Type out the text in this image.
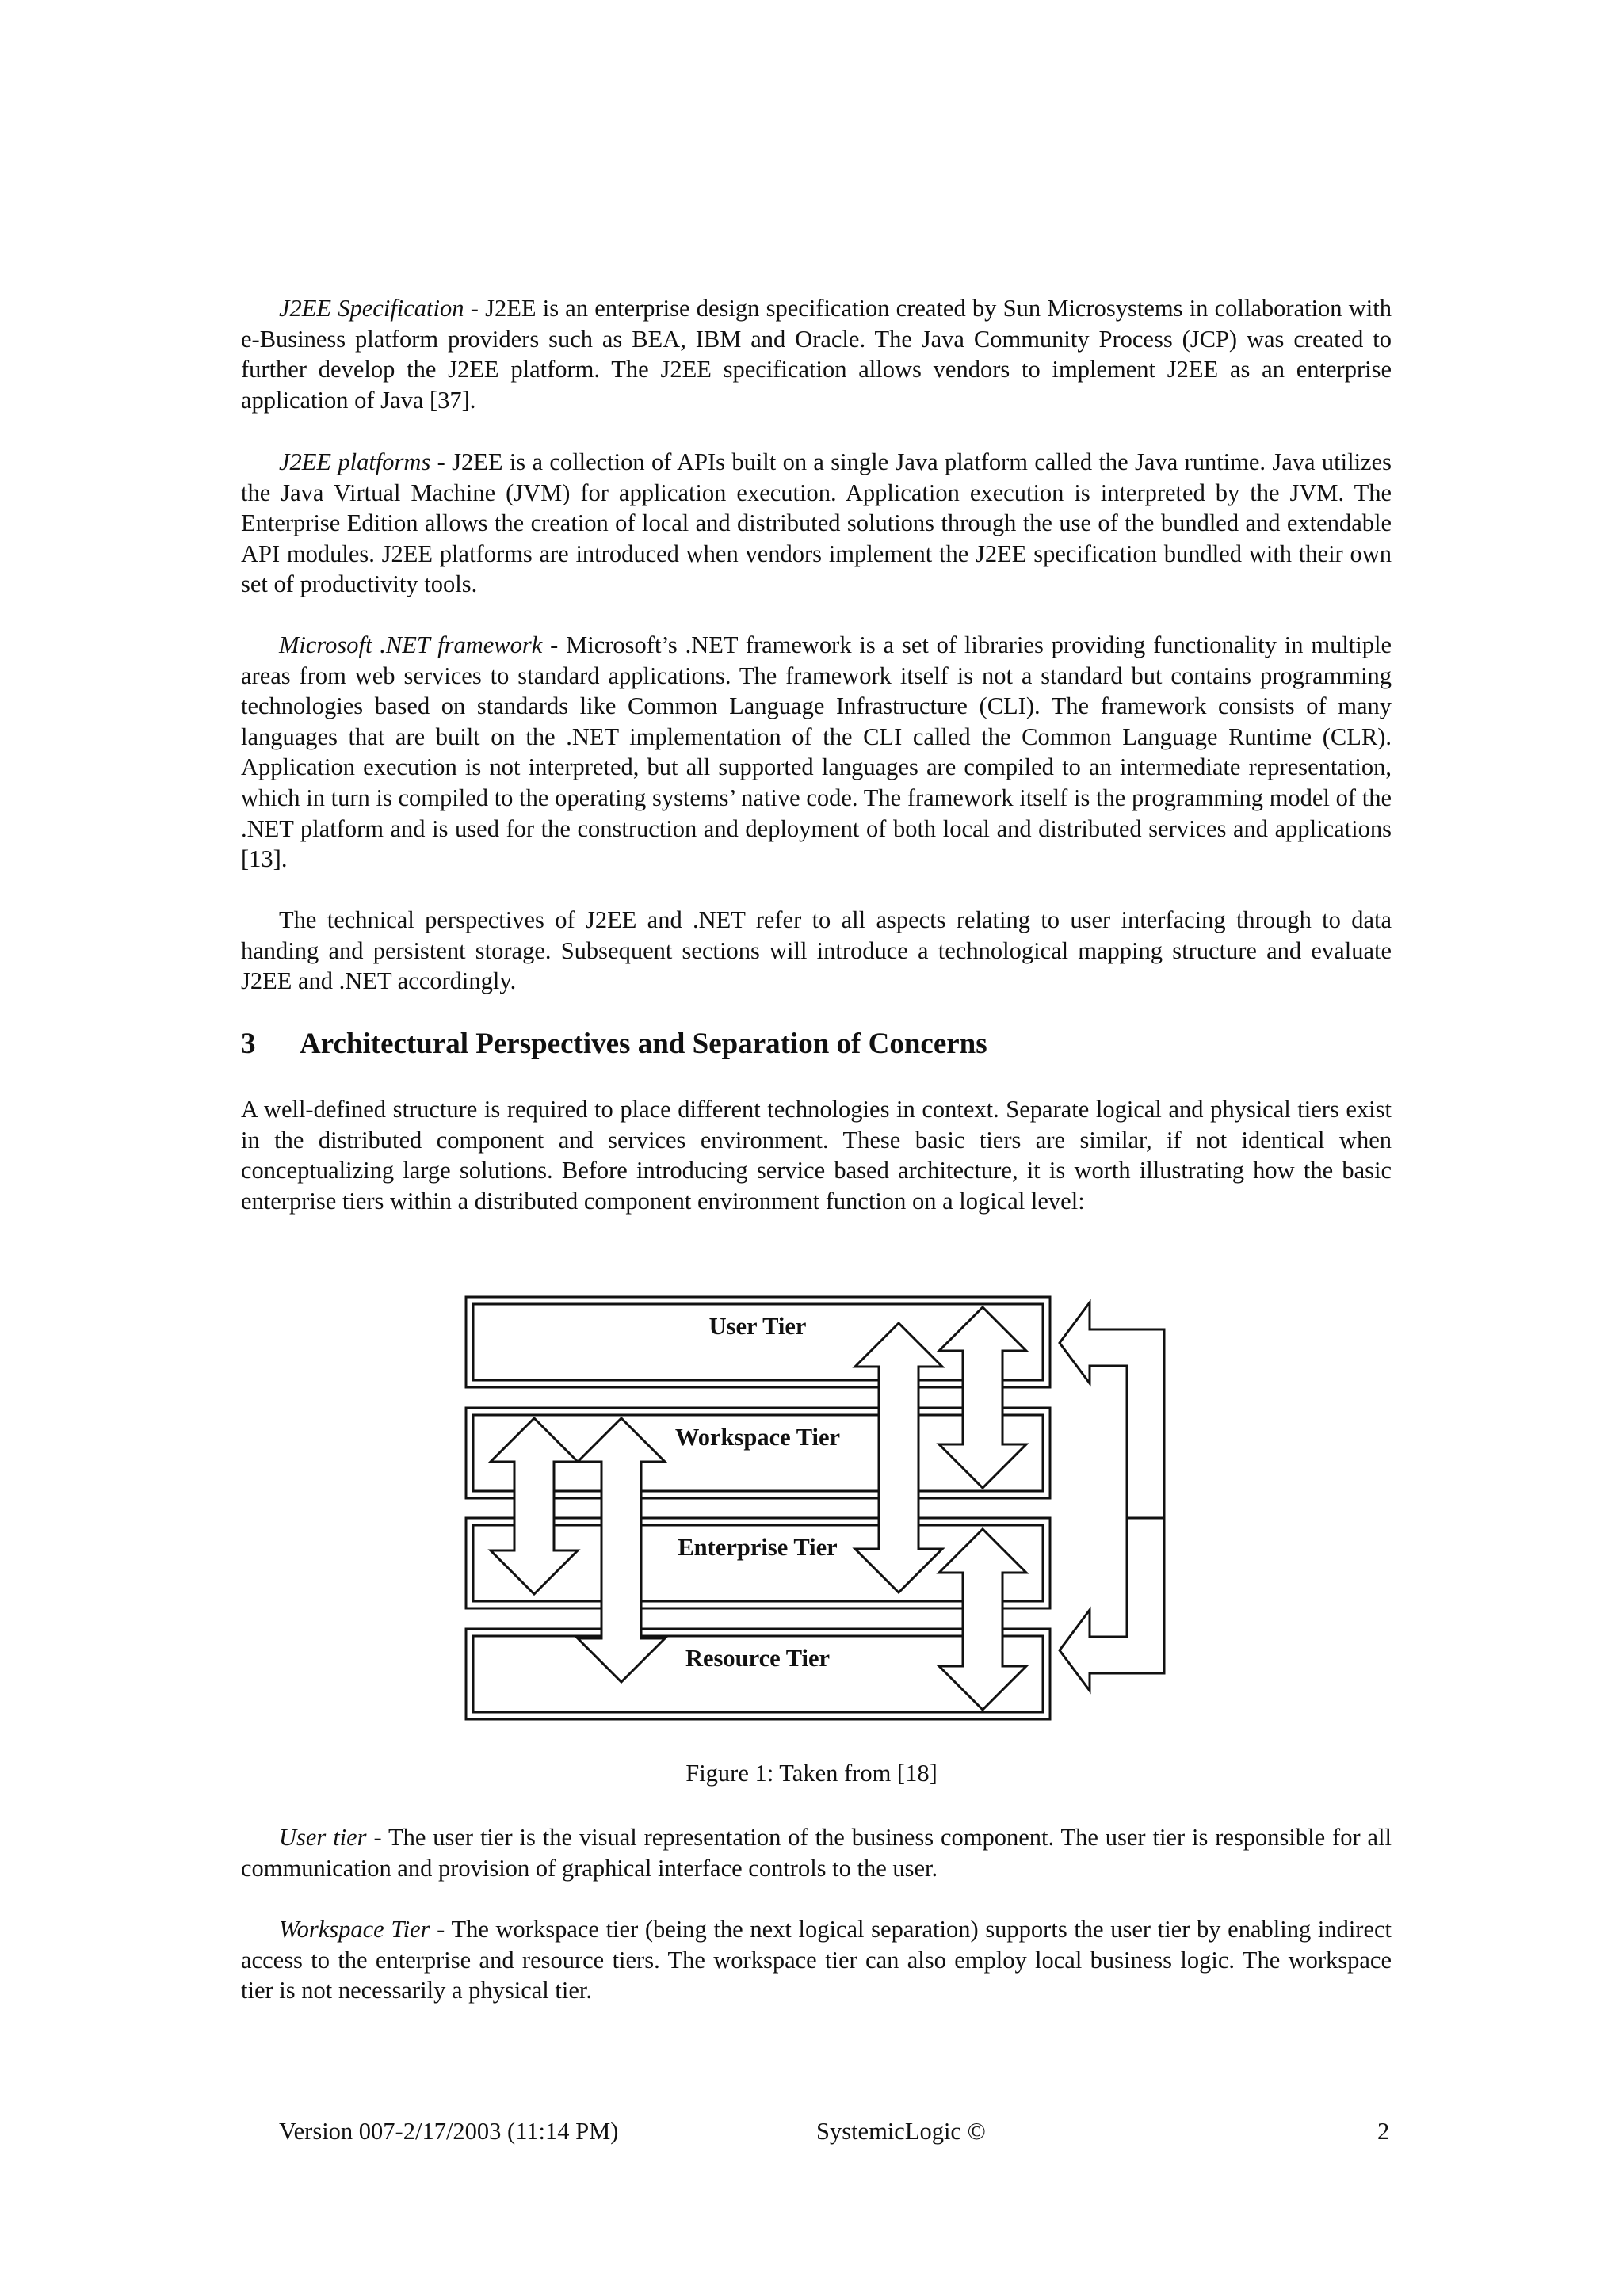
J2EE Specification - J2EE is an enterprise design specification created by Sun Microsystems in collaboration with e-Business platform providers such as BEA, IBM and Oracle. The Java Community Process (JCP) was created to further develop the J2EE platform. The J2EE specification allows vendors to implement J2EE as an enterprise application of Java [37].

J2EE platforms - J2EE is a collection of APIs built on a single Java platform called the Java runtime. Java utilizes the Java Virtual Machine (JVM) for application execution. Application execution is interpreted by the JVM. The Enterprise Edition allows the creation of local and distributed solutions through the use of the bundled and extendable API modules. J2EE platforms are introduced when vendors implement the J2EE specification bundled with their own set of productivity tools.

Microsoft .NET framework - Microsoft’s .NET framework is a set of libraries providing functionality in multiple areas from web services to standard applications. The framework itself is not a standard but contains programming technologies based on standards like Common Language Infrastructure (CLI). The framework consists of many languages that are built on the .NET implementation of the CLI called the Common Language Runtime (CLR). Application execution is not interpreted, but all supported languages are compiled to an intermediate representation, which in turn is compiled to the operating systems’ native code. The framework itself is the programming model of the .NET platform and is used for the construction and deployment of both local and distributed services and applications [13].

The technical perspectives of J2EE and .NET refer to all aspects relating to user interfacing through to data handing and persistent storage. Subsequent sections will introduce a technological mapping structure and evaluate J2EE and .NET accordingly.

3 Architectural Perspectives and Separation of Concerns

A well-defined structure is required to place different technologies in context. Separate logical and physical tiers exist in the distributed component and services environment. These basic tiers are similar, if not identical when conceptualizing large solutions. Before introducing service based architecture, it is worth illustrating how the basic enterprise tiers within a distributed component environment function on a logical level:

User Tier
Workspace Tier
Enterprise Tier
Resource Tier
Figure 1: Taken from [18]

User tier - The user tier is the visual representation of the business component. The user tier is responsible for all communication and provision of graphical interface controls to the user.

Workspace Tier - The workspace tier (being the next logical separation) supports the user tier by enabling indirect access to the enterprise and resource tiers. The workspace tier can also employ local business logic. The workspace tier is not necessarily a physical tier.

Version 007-2/17/2003 (11:14 PM)	SystemicLogic ©	2
